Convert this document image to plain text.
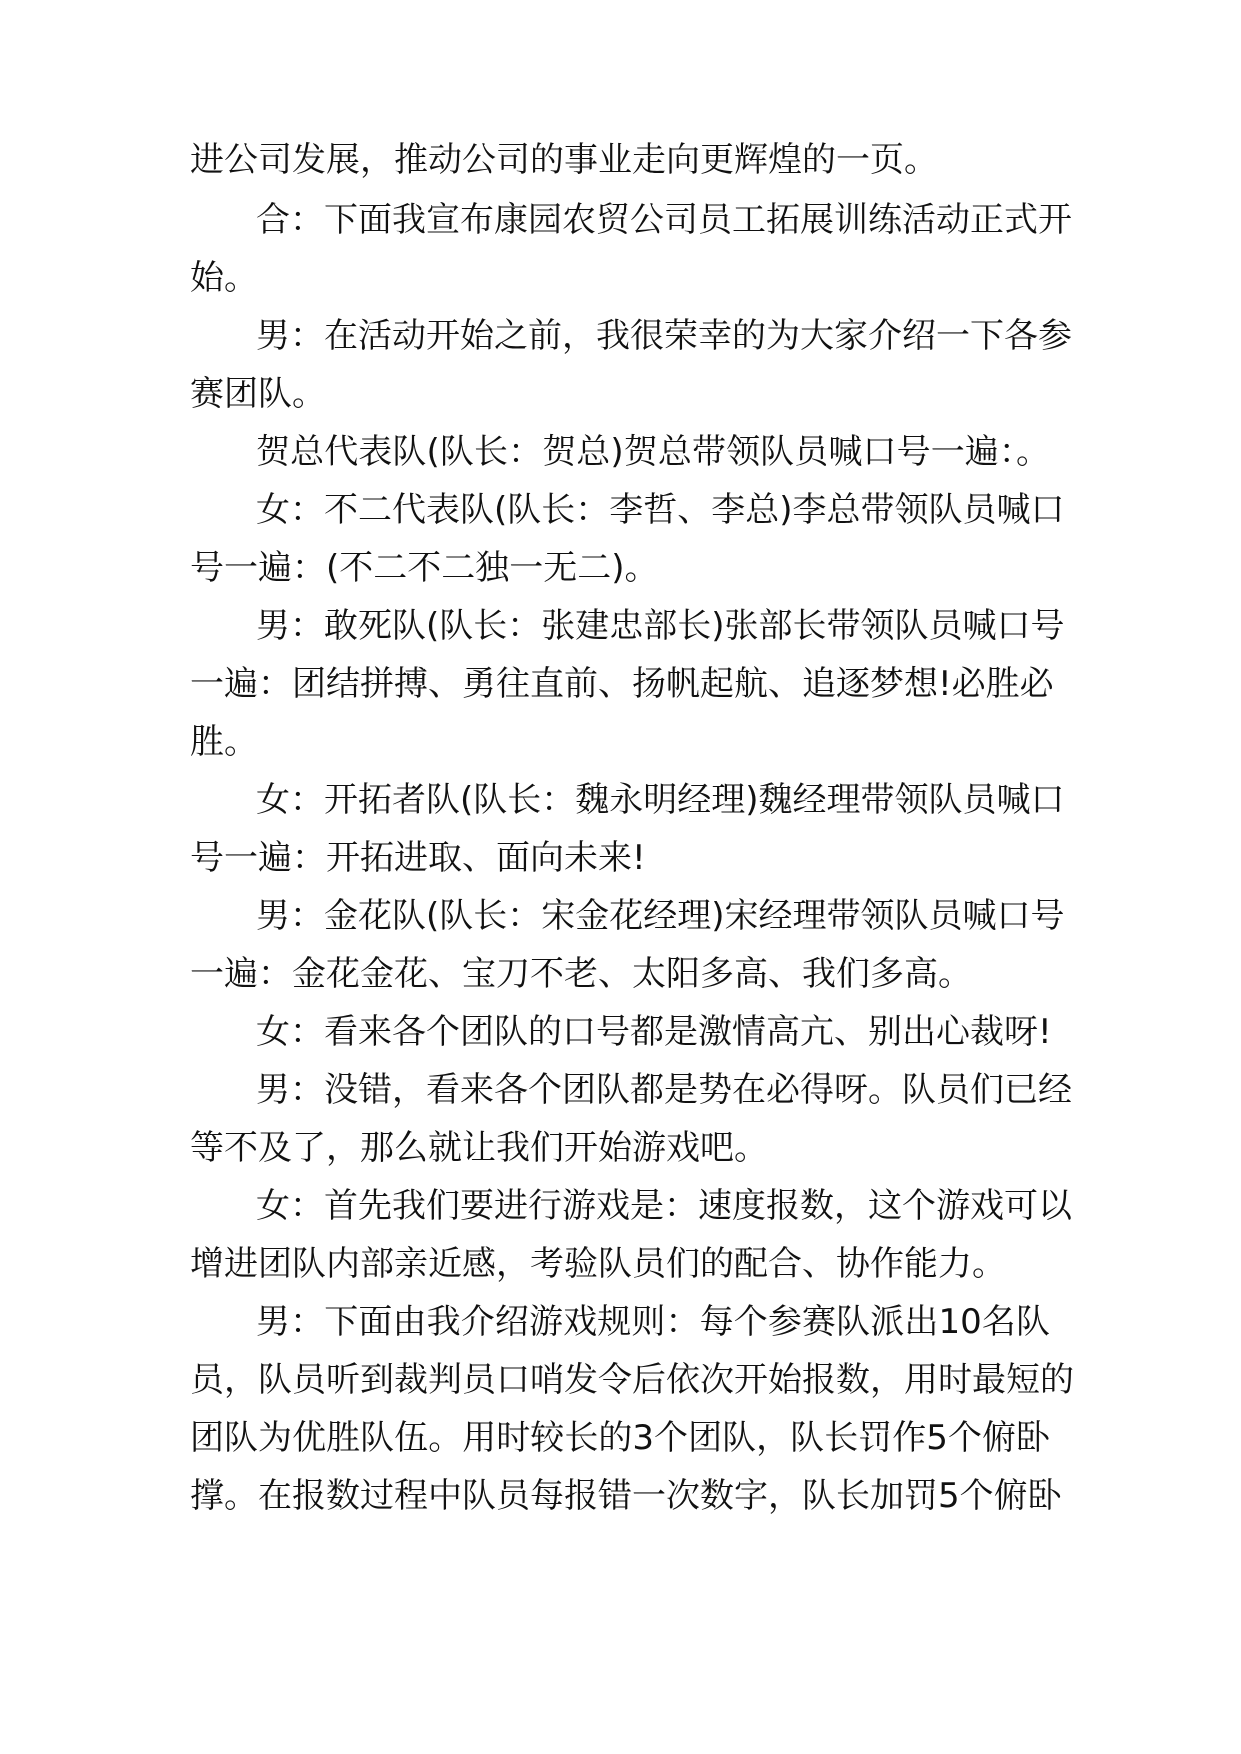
进公司发展，推动公司的事业走向更辉煌的一页。
合：下面我宣布康园农贸公司员工拓展训练活动正式开
始。
男：在活动开始之前，我很荣幸的为大家介绍一下各参
赛团队。
贺总代表队(队长：贺总)贺总带领队员喊口号一遍：。
女：不二代表队(队长：李哲、李总)李总带领队员喊口
号一遍：(不二不二独一无二)。
男：敢死队(队长：张建忠部长)张部长带领队员喊口号
一遍：团结拼搏、勇往直前、扬帆起航、追逐梦想!必胜必
胜。
女：开拓者队(队长：魏永明经理)魏经理带领队员喊口
号一遍：开拓进取、面向未来!
男：金花队(队长：宋金花经理)宋经理带领队员喊口号
一遍：金花金花、宝刀不老、太阳多高、我们多高。
女：看来各个团队的口号都是激情高亢、别出心裁呀!
男：没错，看来各个团队都是势在必得呀。队员们已经
等不及了，那么就让我们开始游戏吧。
女：首先我们要进行游戏是：速度报数，这个游戏可以
增进团队内部亲近感，考验队员们的配合、协作能力。
男：下面由我介绍游戏规则：每个参赛队派出10名队
员，队员听到裁判员口哨发令后依次开始报数，用时最短的
团队为优胜队伍。用时较长的3个团队，队长罚作5个俯卧
撑。在报数过程中队员每报错一次数字，队长加罚5个俯卧
